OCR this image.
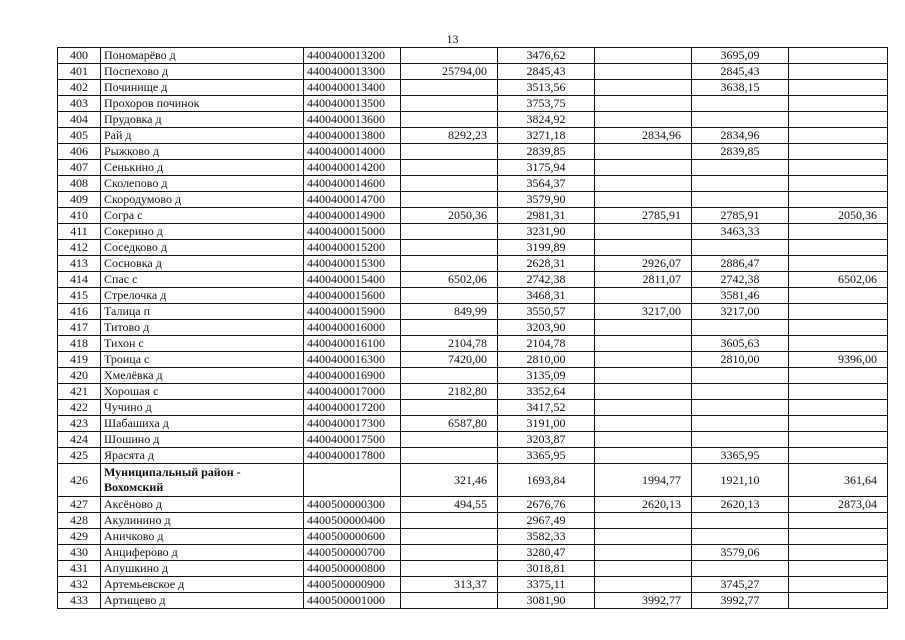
13
400	Пономарёво д	4400400013200		3476,62		3695,09	
401	Поспехово д	4400400013300	25794,00	2845,43		2845,43	
402	Починище д	4400400013400		3513,56		3638,15	
403	Прохоров починок	4400400013500		3753,75			
404	Прудовка д	4400400013600		3824,92			
405	Рай д	4400400013800	8292,23	3271,18	2834,96	2834,96	
406	Рыжково д	4400400014000		2839,85		2839,85	
407	Сенькино д	4400400014200		3175,94			
408	Сколепово д	4400400014600		3564,37			
409	Скородумово д	4400400014700		3579,90			
410	Согра с	4400400014900	2050,36	2981,31	2785,91	2785,91	2050,36
411	Сокерино д	4400400015000		3231,90		3463,33	
412	Соседково д	4400400015200		3199,89			
413	Сосновка д	4400400015300		2628,31	2926,07	2886,47	
414	Спас с	4400400015400	6502,06	2742,38	2811,07	2742,38	6502,06
415	Стрелочка д	4400400015600		3468,31		3581,46	
416	Талица п	4400400015900	849,99	3550,57	3217,00	3217,00	
417	Титово д	4400400016000		3203,90			
418	Тихон с	4400400016100	2104,78	2104,78		3605,63	
419	Троица с	4400400016300	7420,00	2810,00		2810,00	9396,00
420	Хмелёвка д	4400400016900		3135,09			
421	Хорошая с	4400400017000	2182,80	3352,64			
422	Чучино д	4400400017200		3417,52			
423	Шабашиха д	4400400017300	6587,80	3191,00			
424	Шошино д	4400400017500		3203,87			
425	Ярасята д	4400400017800		3365,95		3365,95	
426	Муниципальный район - Вохомский		321,46	1693,84	1994,77	1921,10	361,64
427	Аксёново д	4400500000300	494,55	2676,76	2620,13	2620,13	2873,04
428	Акулинино д	4400500000400		2967,49			
429	Аничково д	4400500000600		3582,33			
430	Анциферово д	4400500000700		3280,47		3579,06	
431	Апушкино д	4400500000800		3018,81			
432	Артемьевское д	4400500000900	313,37	3375,11		3745,27	
433	Артищево д	4400500001000		3081,90	3992,77	3992,77	
